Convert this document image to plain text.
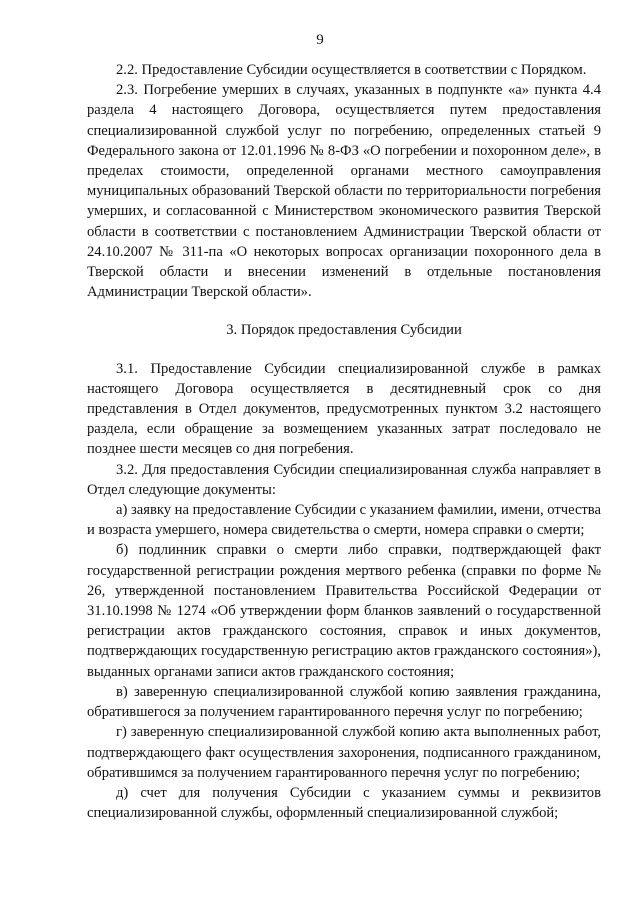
9

2.2. Предоставление Субсидии осуществляется в соответствии с Порядком.

2.3. Погребение умерших в случаях, указанных в подпункте «а» пункта 4.4 раздела 4 настоящего Договора, осуществляется путем предоставления специализированной службой услуг по погребению, определенных статьей 9 Федерального закона от 12.01.1996 № 8-ФЗ «О погребении и похоронном деле», в пределах стоимости, определенной органами местного самоуправления муниципальных образований Тверской области по территориальности погребения умерших, и согласованной с Министерством экономического развития Тверской области в соответствии с постановлением Администрации Тверской области от 24.10.2007 № 311-па «О некоторых вопросах организации похоронного дела в Тверской области и внесении изменений в отдельные постановления Администрации Тверской области».

3. Порядок предоставления Субсидии

3.1. Предоставление Субсидии специализированной службе в рамках настоящего Договора осуществляется в десятидневный срок со дня представления в Отдел документов, предусмотренных пунктом 3.2 настоящего раздела, если обращение за возмещением указанных затрат последовало не позднее шести месяцев со дня погребения.

3.2. Для предоставления Субсидии специализированная служба направляет в Отдел следующие документы:

а) заявку на предоставление Субсидии с указанием фамилии, имени, отчества и возраста умершего, номера свидетельства о смерти, номера справки о смерти;

б) подлинник справки о смерти либо справки, подтверждающей факт государственной регистрации рождения мертвого ребенка (справки по форме № 26, утвержденной постановлением Правительства Российской Федерации от 31.10.1998 № 1274 «Об утверждении форм бланков заявлений о государственной регистрации актов гражданского состояния, справок и иных документов, подтверждающих государственную регистрацию актов гражданского состояния»), выданных органами записи актов гражданского состояния;

в) заверенную специализированной службой копию заявления гражданина, обратившегося за получением гарантированного перечня услуг по погребению;

г) заверенную специализированной службой копию акта выполненных работ, подтверждающего факт осуществления захоронения, подписанного гражданином, обратившимся за получением гарантированного перечня услуг по погребению;

д) счет для получения Субсидии с указанием суммы и реквизитов специализированной службы, оформленный специализированной службой;
